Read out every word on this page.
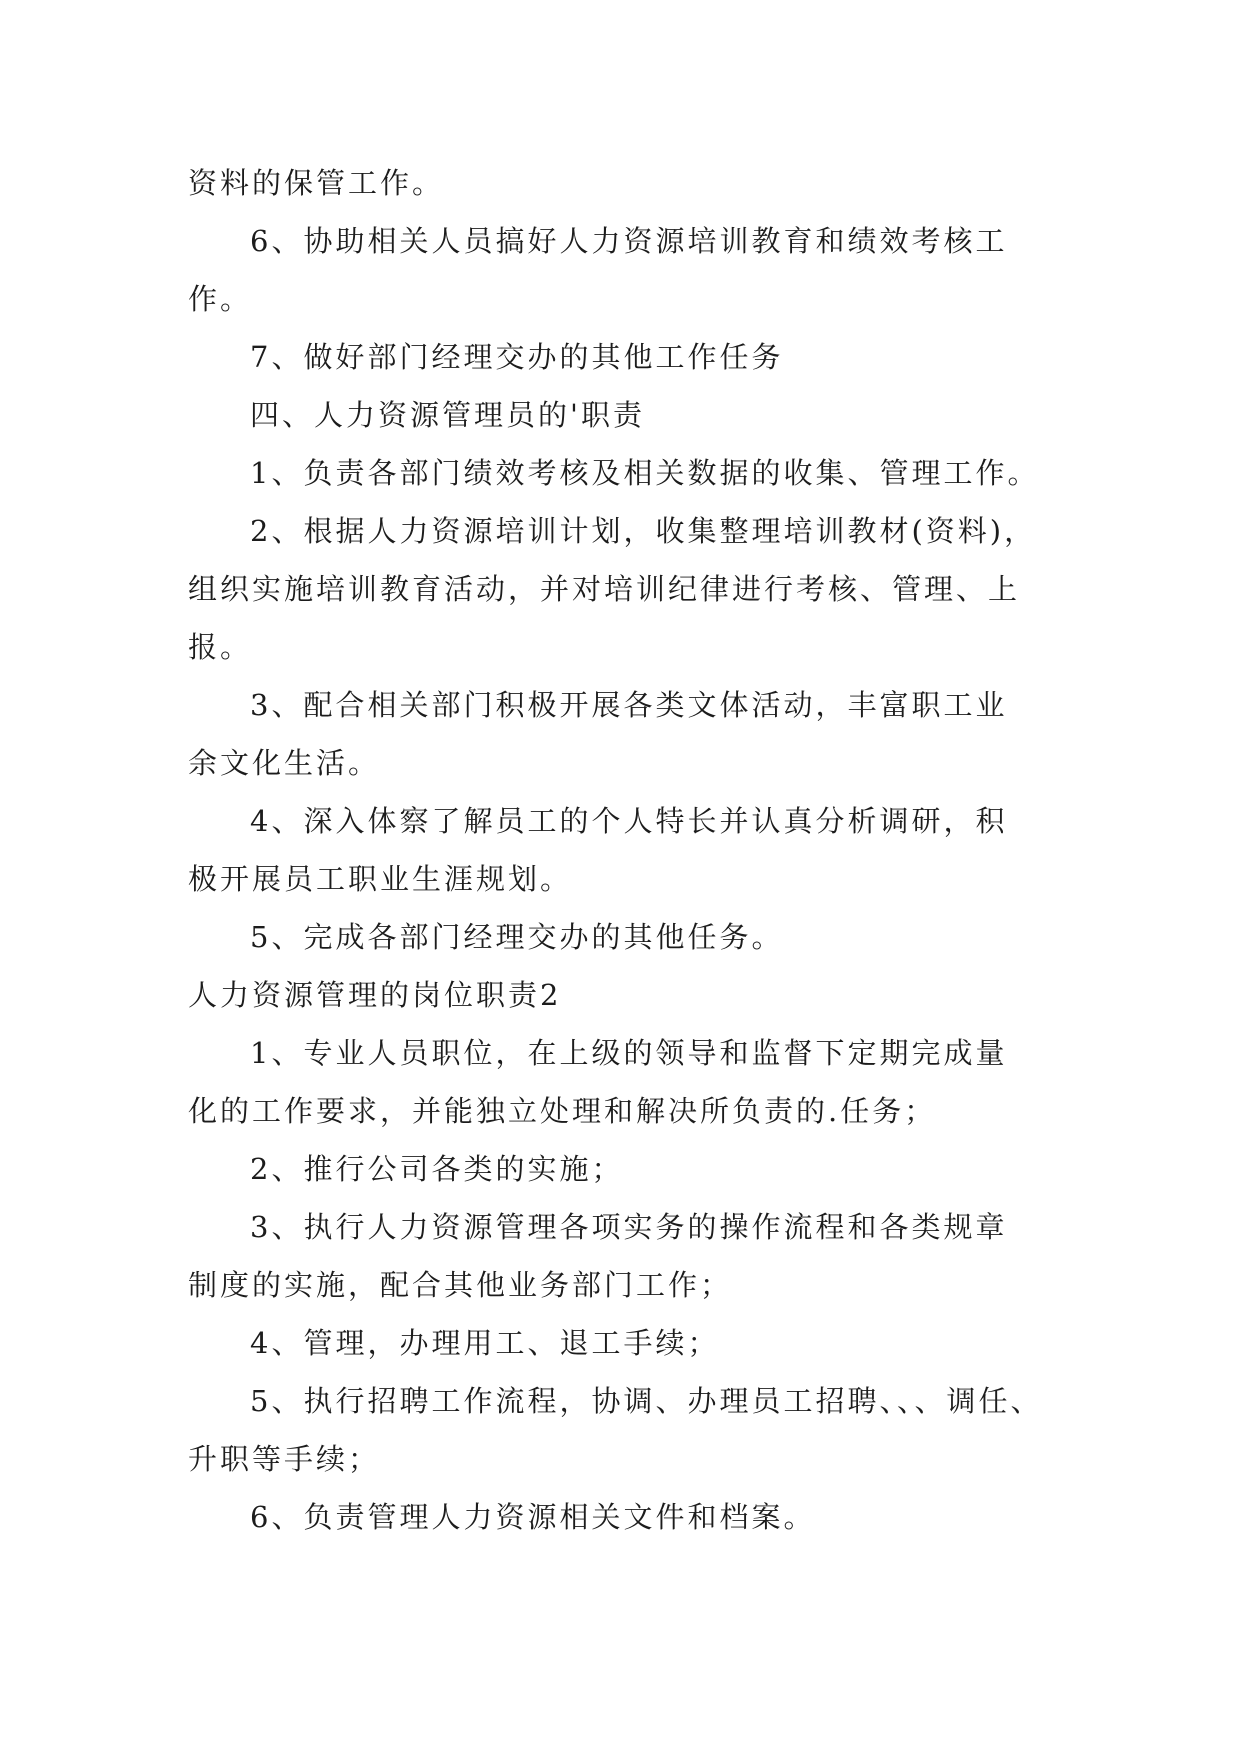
资料的保管工作。
6、协助相关人员搞好人力资源培训教育和绩效考核工
作。
7、做好部门经理交办的其他工作任务
四、人力资源管理员的'职责
1、负责各部门绩效考核及相关数据的收集、管理工作。
2、根据人力资源培训计划，收集整理培训教材(资料)，
组织实施培训教育活动，并对培训纪律进行考核、管理、上
报。
3、配合相关部门积极开展各类文体活动，丰富职工业
余文化生活。
4、深入体察了解员工的个人特长并认真分析调研，积
极开展员工职业生涯规划。
5、完成各部门经理交办的其他任务。
人力资源管理的岗位职责2
1、专业人员职位，在上级的领导和监督下定期完成量
化的工作要求，并能独立处理和解决所负责的.任务；
2、推行公司各类的实施；
3、执行人力资源管理各项实务的操作流程和各类规章
制度的实施，配合其他业务部门工作；
4、管理，办理用工、退工手续；
5、执行招聘工作流程，协调、办理员工招聘、、、调任、
升职等手续；
6、负责管理人力资源相关文件和档案。
